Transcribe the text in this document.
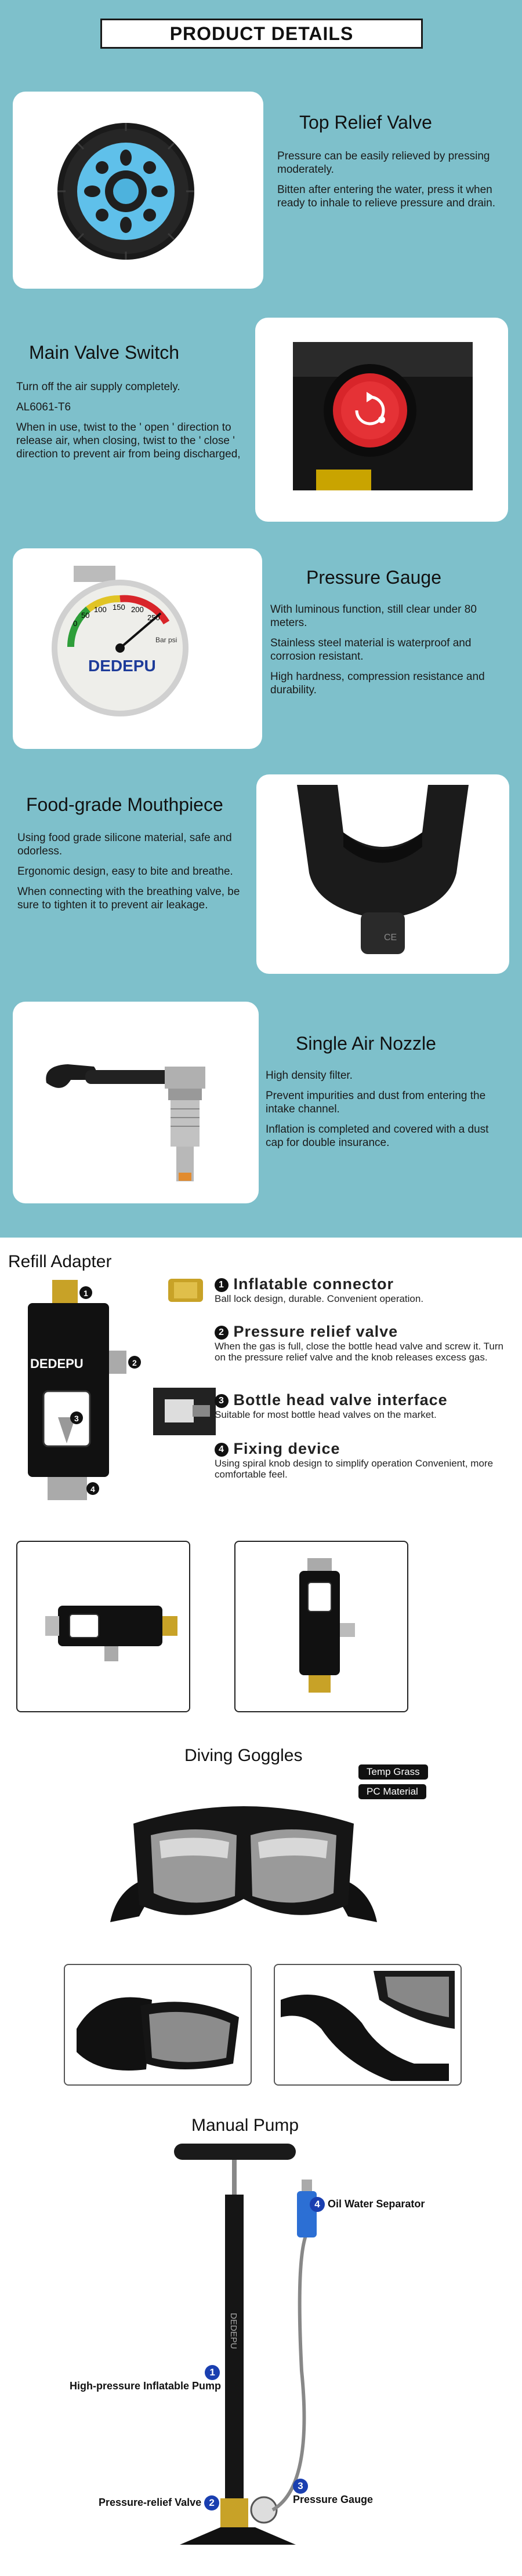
PRODUCT DETAILS
Top Relief Valve

Pressure can be easily relieved by pressing moderately.

Bitten after entering the water, press it when ready to inhale to relieve pressure and drain.

Main Valve Switch

Turn off the air supply completely.

AL6061-T6

When in use, twist to the ' open ' direction to release air, when closing, twist to the ' close ' direction to prevent air from being discharged,

0
50
100 150 200
250
Bar psi
DEDEPU
Pressure Gauge

With luminous function, still clear under 80 meters.

Stainless steel material is waterproof and corrosion resistant.

High hardness, compression resistance and durability.

Food-grade Mouthpiece

Using food grade silicone material, safe and odorless.

Ergonomic design, easy to bite and breathe.

When connecting with the breathing valve, be sure to tighten it to prevent air leakage.

CE
Single Air Nozzle

High density filter.

Prevent impurities and dust from entering the intake channel.

Inflation is completed and covered with a dust cap for double insurance.

Refill Adapter
DEDEPU
1
2
3
4
1 Inflatable connector
Ball lock design, durable. Convenient operation.
2 Pressure relief valve
When the gas is full, close the bottle head valve and screw it. Turn on the pressure relief valve and the knob releases excess gas.
3 Bottle head valve interface
Suitable for most bottle head valves on the market.
4 Fixing device
Using spiral knob design to simplify operation Convenient, more comfortable feel.
Diving Goggles
Temp Grass
PC Material
Manual Pump
DEDEPU
4 Oil Water Separator
1
High-pressure Inflatable Pump
Pressure-relief Valve 2
3
Pressure Gauge
